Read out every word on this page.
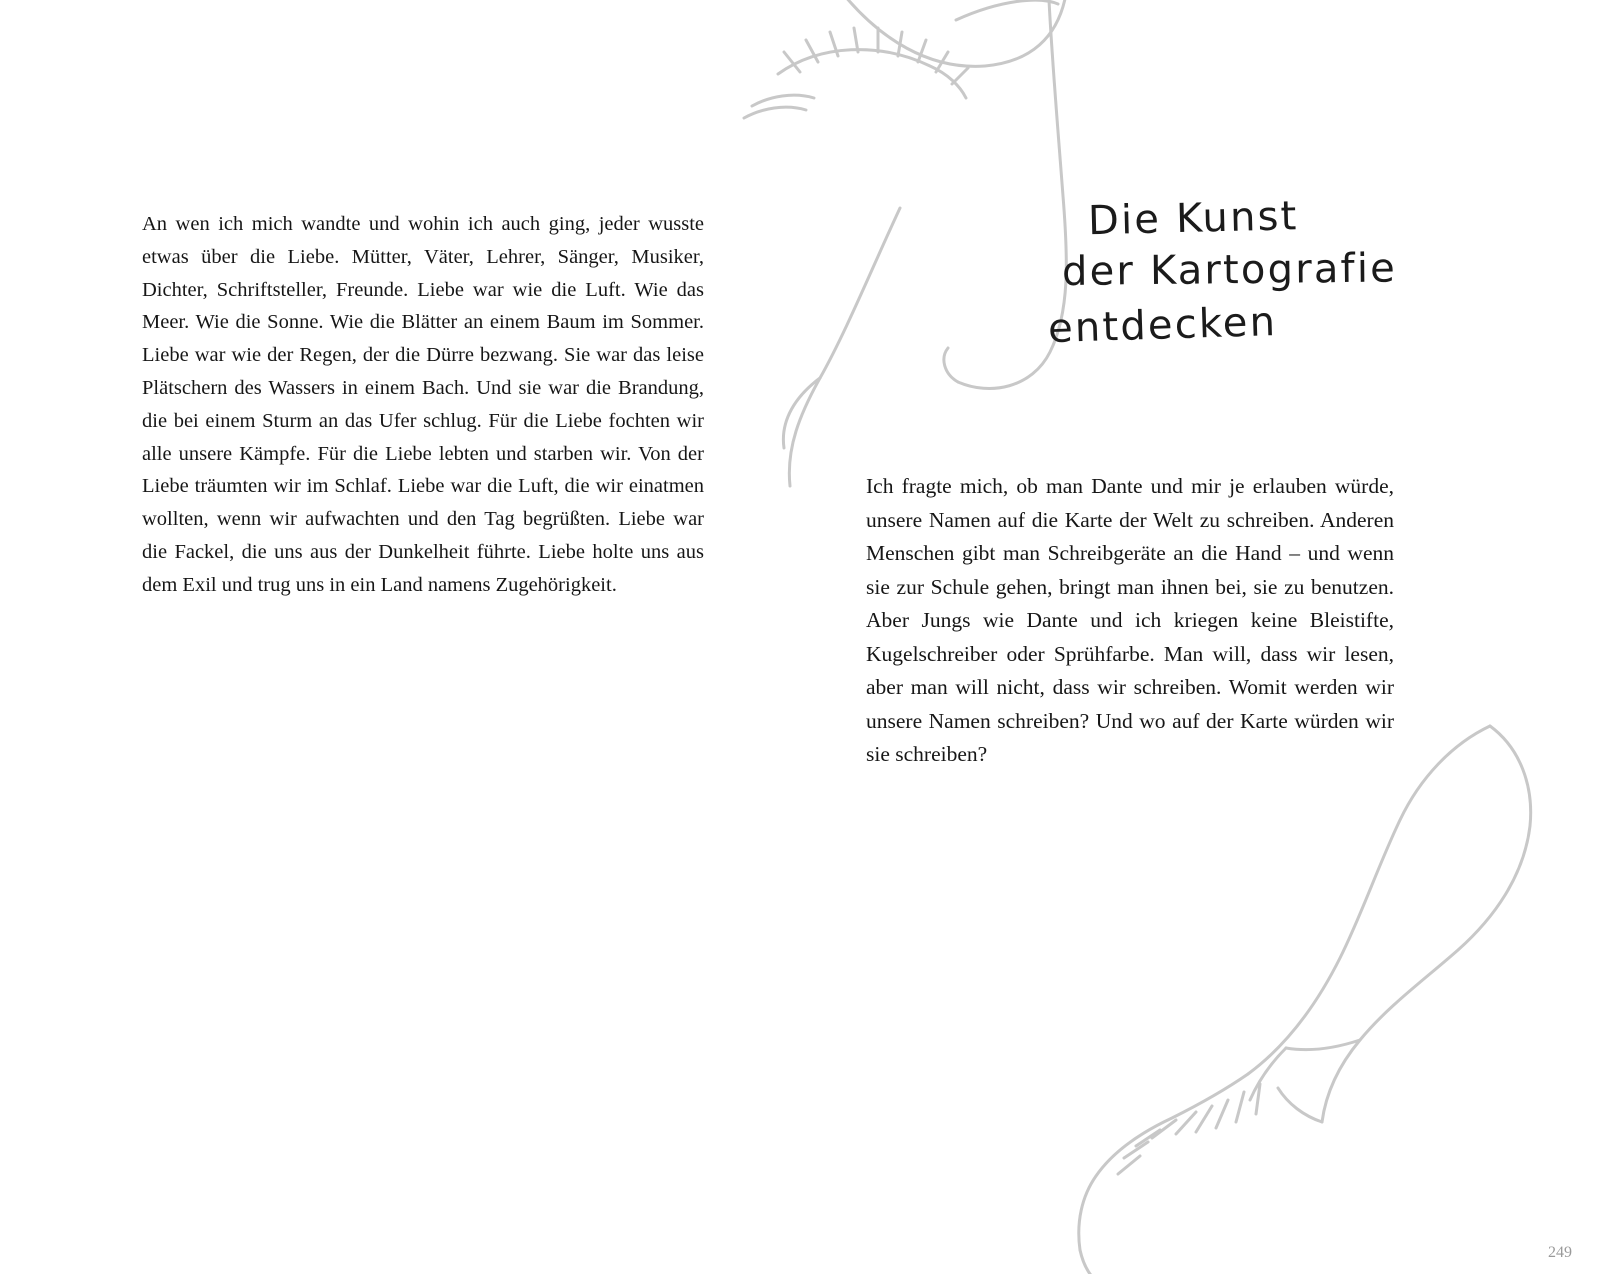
An wen ich mich wandte und wohin ich auch ging, jeder wusste etwas über die Liebe. Mütter, Väter, Lehrer, Sänger, Musiker, Dichter, Schriftsteller, Freunde. Liebe war wie die Luft. Wie das Meer. Wie die Sonne. Wie die Blätter an einem Baum im Sommer. Liebe war wie der Regen, der die Dürre bezwang. Sie war das leise Plätschern des Wassers in einem Bach. Und sie war die Brandung, die bei einem Sturm an das Ufer schlug. Für die Liebe fochten wir alle unsere Kämpfe. Für die Liebe lebten und starben wir. Von der Liebe träumten wir im Schlaf. Liebe war die Luft, die wir einatmen wollten, wenn wir aufwachten und den Tag begrüßten. Liebe war die Fackel, die uns aus der Dunkelheit führte. Liebe holte uns aus dem Exil und trug uns in ein Land namens Zugehörigkeit.

Die Kunst
der Kartografie
entdecken

Ich fragte mich, ob man Dante und mir je erlauben würde, unsere Namen auf die Karte der Welt zu schreiben. Anderen Menschen gibt man Schreibgeräte an die Hand – und wenn sie zur Schule gehen, bringt man ihnen bei, sie zu benutzen. Aber Jungs wie Dante und ich kriegen keine Bleistifte, Kugelschreiber oder Sprühfarbe. Man will, dass wir lesen, aber man will nicht, dass wir schreiben. Womit werden wir unsere Namen schreiben? Und wo auf der Karte würden wir sie schreiben?

249
